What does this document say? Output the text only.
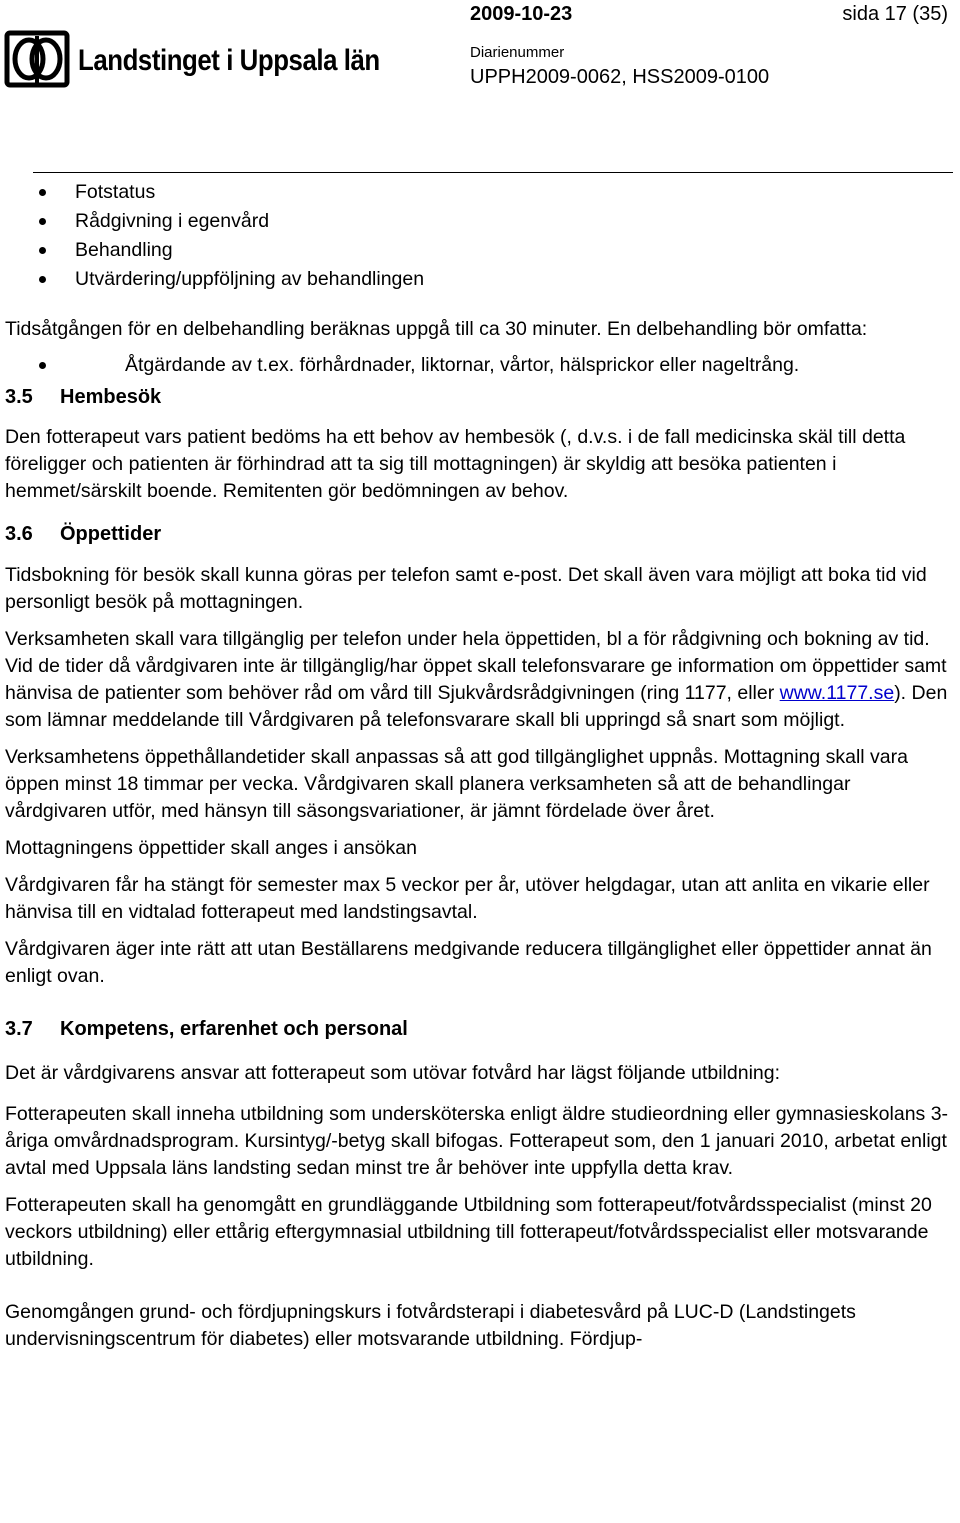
Landstinget i Uppsala län
2009-10-23	sida 17 (35)
Diarienummer
UPPH2009-0062, HSS2009-0100
Fotstatus
Rådgivning i egenvård
Behandling
Utvärdering/uppföljning av behandlingen

Tidsåtgången för en delbehandling beräknas uppgå till ca 30 minuter. En delbehandling bör omfatta:

Åtgärdande av t.ex. förhårdnader, liktornar, vårtor, hälsprickor eller nageltrång.
3.5 Hembesök

Den fotterapeut vars patient bedöms ha ett behov av hembesök (, d.v.s. i de fall medicinska skäl till detta föreligger och patienten är förhindrad att ta sig till mottagningen) är skyldig att besöka patienten i hemmet/särskilt boende. Remitenten gör bedömningen av behov.

3.6 Öppettider

Tidsbokning för besök skall kunna göras per telefon samt e-post. Det skall även vara möjligt att boka tid vid personligt besök på mottagningen.

Verksamheten skall vara tillgänglig per telefon under hela öppettiden, bl a för rådgivning och bokning av tid. Vid de tider då vårdgivaren inte är tillgänglig/har öppet skall telefonsvarare ge information om öppettider samt hänvisa de patienter som behöver råd om vård till Sjukvårdsrådgivningen (ring 1177, eller www.1177.se). Den som lämnar meddelande till Vårdgivaren på telefonsvarare skall bli uppringd så snart som möjligt.

Verksamhetens öppethållandetider skall anpassas så att god tillgänglighet uppnås. Mottagning skall vara öppen minst 18 timmar per vecka. Vårdgivaren skall planera verksamheten så att de behandlingar vårdgivaren utför, med hänsyn till säsongsvariationer, är jämnt fördelade över året.

Mottagningens öppettider skall anges i ansökan

Vårdgivaren får ha stängt för semester max 5 veckor per år, utöver helgdagar, utan att anlita en vikarie eller hänvisa till en vidtalad fotterapeut med landstingsavtal.

Vårdgivaren äger inte rätt att utan Beställarens medgivande reducera tillgänglighet eller öppettider annat än enligt ovan.

3.7 Kompetens, erfarenhet och personal

Det är vårdgivarens ansvar att fotterapeut som utövar fotvård har lägst följande utbildning:

Fotterapeuten skall inneha utbildning som undersköterska enligt äldre studieordning eller gymnasieskolans 3-åriga omvårdnadsprogram. Kursintyg/-betyg skall bifogas. Fotterapeut som, den 1 januari 2010, arbetat enligt avtal med Uppsala läns landsting sedan minst tre år behöver inte uppfylla detta krav.

Fotterapeuten skall ha genomgått en grundläggande Utbildning som fotterapeut/fotvårdsspecialist (minst 20 veckors utbildning) eller ettårig eftergymnasial utbildning till fotterapeut/fotvårdsspecialist eller motsvarande utbildning.

Genomgången grund- och fördjupningskurs i fotvårdsterapi i diabetesvård på LUC-D (Landstingets undervisningscentrum för diabetes) eller motsvarande utbildning. Fördjup-
